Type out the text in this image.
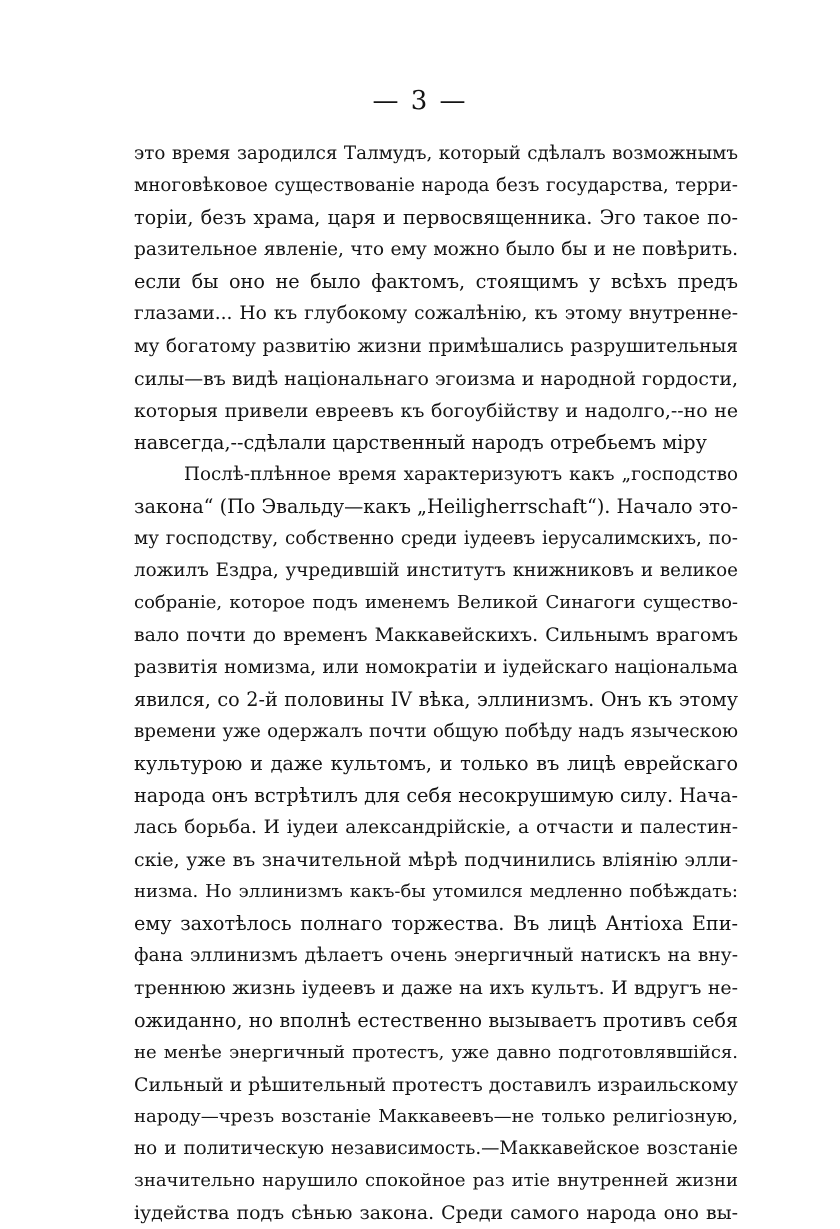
— 3 —
это время зародился Талмудъ, который сдѣлалъ возможнымъ
многовѣковое существованіе народа безъ государства, терри-
торіи, безъ храма, царя и первосвященника. Эго такое по-
разительное явленіе, что ему можно было бы и не повѣрить.
если бы оно не было фактомъ, стоящимъ у всѣхъ предъ
глазами... Но къ глубокому сожалѣнію, къ этому внутренне-
му богатому развитію жизни примѣшались разрушительныя
силы—въ видѣ національнаго эгоизма и народной гордости,
которыя привели евреевъ къ богоубійству и надолго,--но не
навсегда,--сдѣлали царственный народъ отребьемъ міру
Послѣ-плѣнное время характеризуютъ какъ „господство
закона“ (По Эвальду—какъ „Heiligherrschaft“). Начало это-
му господству, собственно среди іудеевъ іерусалимскихъ, по-
ложилъ Ездра, учредившій институтъ книжниковъ и великое
собраніе, которое подъ именемъ Великой Синагоги существо-
вало почти до временъ Маккавейскихъ. Сильнымъ врагомъ
развитія номизма, или номократіи и іудейскаго національма
явился, со 2-й половины IV вѣка, эллинизмъ. Онъ къ этому
времени уже одержалъ почти общую побѣду надъ языческою
культурою и даже культомъ, и только въ лицѣ еврейскаго
народа онъ встрѣтилъ для себя несокрушимую силу. Нача-
лась борьба. И іудеи александрійскіе, а отчасти и палестин-
скіе, уже въ значительной мѣрѣ подчинились вліянію элли-
низма. Но эллинизмъ какъ-бы утомился медленно побѣждать:
ему захотѣлось полнаго торжества. Въ лицѣ Антіоха Епи-
фана эллинизмъ дѣлаетъ очень энергичный натискъ на вну-
треннюю жизнь іудеевъ и даже на ихъ культъ. И вдругъ не-
ожиданно, но вполнѣ естественно вызываетъ противъ себя
не менѣе энергичный протестъ, уже давно подготовлявшійся.
Сильный и рѣшительный протестъ доставилъ израильскому
народу—чрезъ возстаніе Маккавеевъ—не только религіозную,
но и политическую независимость.—Маккавейское возстаніе
значительно нарушило спокойное раз итіе внутренней жизни
іудейства подъ сѣнью закона. Среди самого народа оно вы-
